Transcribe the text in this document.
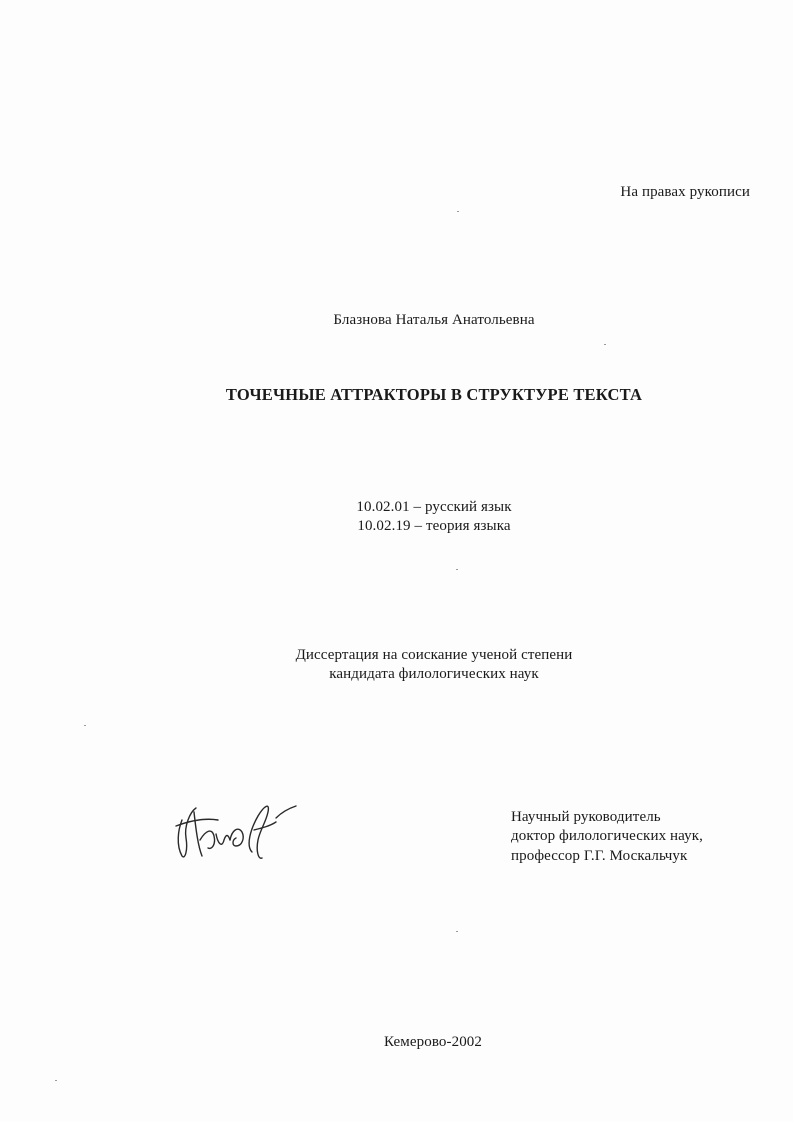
На правах рукописи
Блазнова Наталья Анатольевна
ТОЧЕЧНЫЕ АТТРАКТОРЫ В СТРУКТУРЕ ТЕКСТА
10.02.01 – русский язык
10.02.19 – теория языка
Диссертация на соискание ученой степени
кандидата филологических наук
Научный руководитель
доктор филологических наук,
профессор Г.Г. Москальчук
Кемерово-2002
